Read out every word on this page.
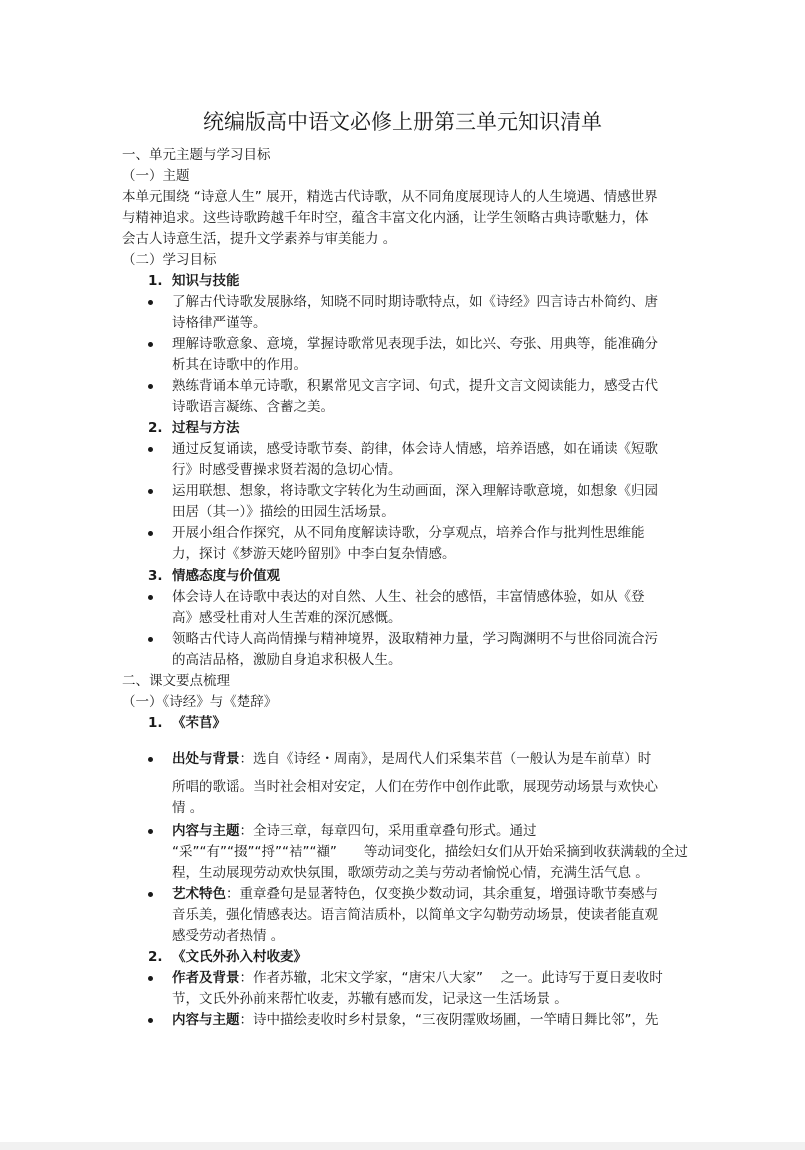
统编版高中语文必修上册第三单元知识清单
一、单元主题与学习目标
（一）主题
本单元围绕 “诗意人生” 展开，精选古代诗歌，从不同角度展现诗人的人生境遇、情感世界
与精神追求。这些诗歌跨越千年时空，蕴含丰富文化内涵，让学生领略古典诗歌魅力，体
会古人诗意生活，提升文学素养与审美能力 。
（二）学习目标
1. 知识与技能
了解古代诗歌发展脉络，知晓不同时期诗歌特点，如《诗经》四言诗古朴简约、唐
诗格律严谨等。
理解诗歌意象、意境，掌握诗歌常见表现手法，如比兴、夸张、用典等，能准确分
析其在诗歌中的作用。
熟练背诵本单元诗歌，积累常见文言字词、句式，提升文言文阅读能力，感受古代
诗歌语言凝练、含蓄之美。
2. 过程与方法
通过反复诵读，感受诗歌节奏、韵律，体会诗人情感，培养语感，如在诵读《短歌
行》时感受曹操求贤若渴的急切心情。
运用联想、想象，将诗歌文字转化为生动画面，深入理解诗歌意境，如想象《归园
田居（其一）》描绘的田园生活场景。
开展小组合作探究，从不同角度解读诗歌，分享观点，培养合作与批判性思维能
力，探讨《梦游天姥吟留别》中李白复杂情感。
3. 情感态度与价值观
体会诗人在诗歌中表达的对自然、人生、社会的感悟，丰富情感体验，如从《登
高》感受杜甫对人生苦难的深沉感慨。
领略古代诗人高尚情操与精神境界，汲取精神力量，学习陶渊明不与世俗同流合污
的高洁品格，激励自身追求积极人生。
二、课文要点梳理
（一）《诗经》与《楚辞》
1. 《芣苢》
出处与背景：选自《诗经・周南》，是周代人们采集芣苢（一般认为是车前草）时
所唱的歌谣。当时社会相对安定，人们在劳作中创作此歌，展现劳动场景与欢快心
情 。
内容与主题：全诗三章，每章四句，采用重章叠句形式。通过
“采”“有”“掇”“捋”“袺”“襭”　　等动词变化，描绘妇女们从开始采摘到收获满载的全过
程，生动展现劳动欢快氛围，歌颂劳动之美与劳动者愉悦心情，充满生活气息 。
艺术特色：重章叠句是显著特色，仅变换少数动词，其余重复，增强诗歌节奏感与
音乐美，强化情感表达。语言简洁质朴，以简单文字勾勒劳动场景，使读者能直观
感受劳动者热情 。
2. 《文氏外孙入村收麦》
作者及背景：作者苏辙，北宋文学家，“唐宋八大家”　 之一。此诗写于夏日麦收时
节，文氏外孙前来帮忙收麦，苏辙有感而发，记录这一生活场景 。
内容与主题：诗中描绘麦收时乡村景象，“三夜阴霪败场圃，一竿晴日舞比邻”，先
